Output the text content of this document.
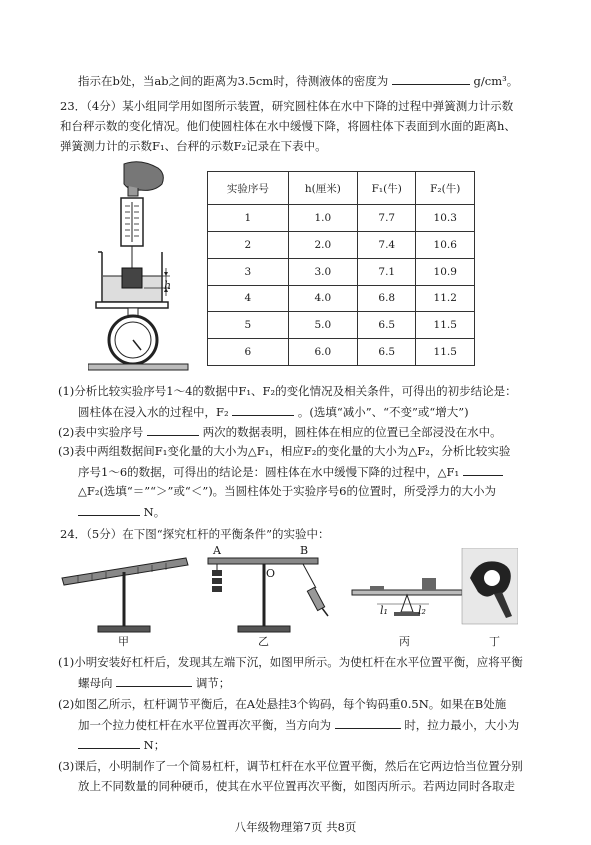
指示在b处，当ab之间的距离为3.5cm时，待测液体的密度为	g/cm³。
23．（4分）某小组同学用如图所示装置，研究圆柱体在水中下降的过程中弹簧测力计示数
和台秤示数的变化情况。他们使圆柱体在水中缓慢下降，将圆柱体下表面到水面的距离h、
弹簧测力计的示数F₁、台秤的示数F₂记录在下表中。
h
实验序号	h(厘米)	F₁(牛)	F₂(牛)
1	1.0	7.7	10.3
2	2.0	7.4	10.6
3	3.0	7.1	10.9
4	4.0	6.8	11.2
5	5.0	6.5	11.5
6	6.0	6.5	11.5
(1)分析比较实验序号1～4的数据中F₁、F₂的变化情况及相关条件，可得出的初步结论是：
圆柱体在浸入水的过程中，F₂	。(选填“减小”、“不变”或“增大”)
(2)表中实验序号	两次的数据表明，圆柱体在相应的位置已全部浸没在水中。
(3)表中两组数据间F₁变化量的大小为△F₁，相应F₂的变化量的大小为△F₂，分析比较实验
序号1～6的数据，可得出的结论是：圆柱体在水中缓慢下降的过程中，△F₁
△F₂(选填“＝”“＞”或“＜”)。当圆柱体处于实验序号6的位置时，所受浮力的大小为
N。
24．（5分）在下图“探究杠杆的平衡条件”的实验中：
A	B
O
l₁	l₂
甲	乙	丙	丁
(1)小明安装好杠杆后，发现其左端下沉，如图甲所示。为使杠杆在水平位置平衡，应将平衡
螺母向	调节；
(2)如图乙所示，杠杆调节平衡后，在A处悬挂3个钩码，每个钩码重0.5N。如果在B处施
加一个拉力使杠杆在水平位置再次平衡，当方向为	时，拉力最小，大小为
N；
(3)课后，小明制作了一个简易杠杆，调节杠杆在水平位置平衡，然后在它两边恰当位置分别
放上不同数量的同种硬币，使其在水平位置再次平衡，如图丙所示。若两边同时各取走
八年级物理第7页 共8页
